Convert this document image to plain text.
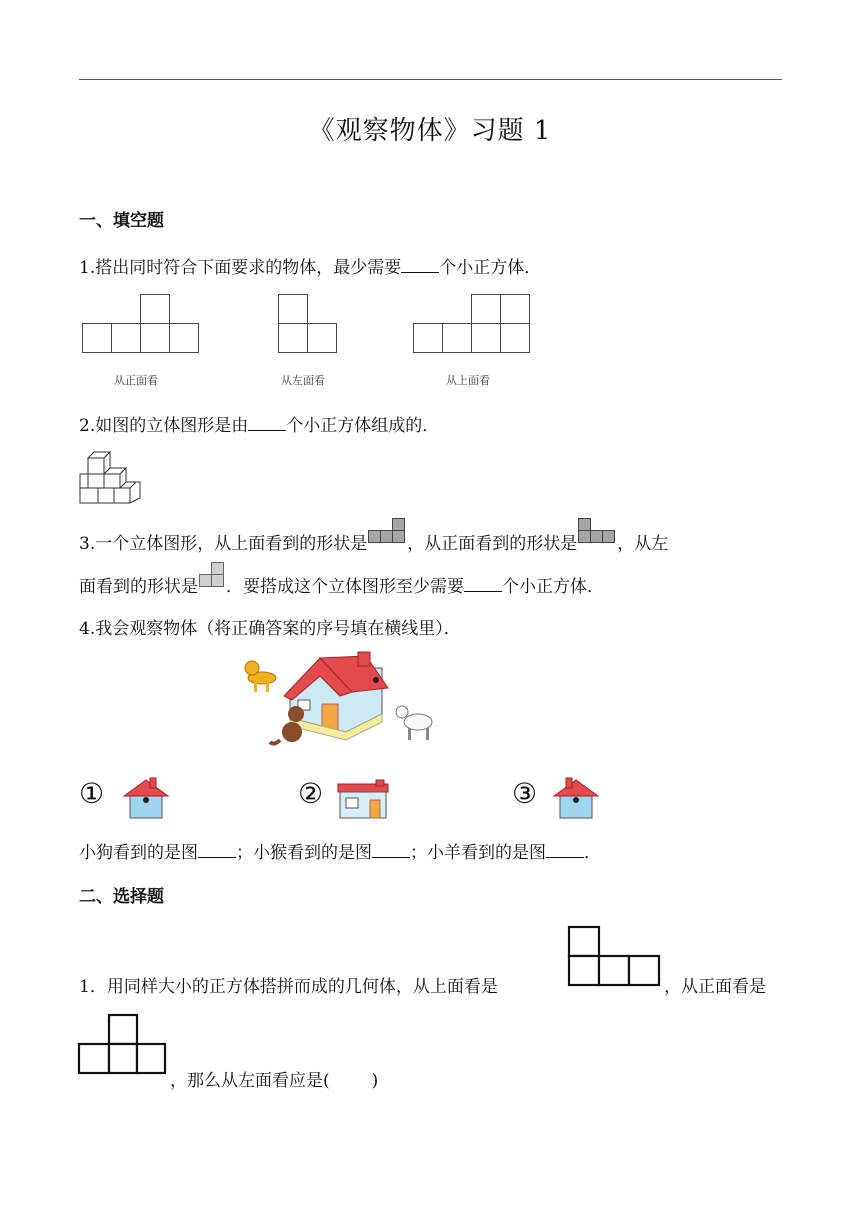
《观察物体》习题 1
一、填空题
1.搭出同时符合下面要求的物体，最少需要 个小正方体．
从正面看	从左面看	从上面看
2.如图的立体图形是由 个小正方体组成的．
3.一个立体图形，从上面看到的形状是 ，从正面看到的形状是 ，从左
面看到的形状是 ．要搭成这个立体图形至少需要 个小正方体．
4.我会观察物体（将正确答案的序号填在横线里）．
①	②	③
小狗看到的是图 ；小猴看到的是图 ；小羊看到的是图 ．
二、选择题
1．用同样大小的正方体搭拼而成的几何体，从上面看是	，从正面看是
，那么从左面看应是( )
